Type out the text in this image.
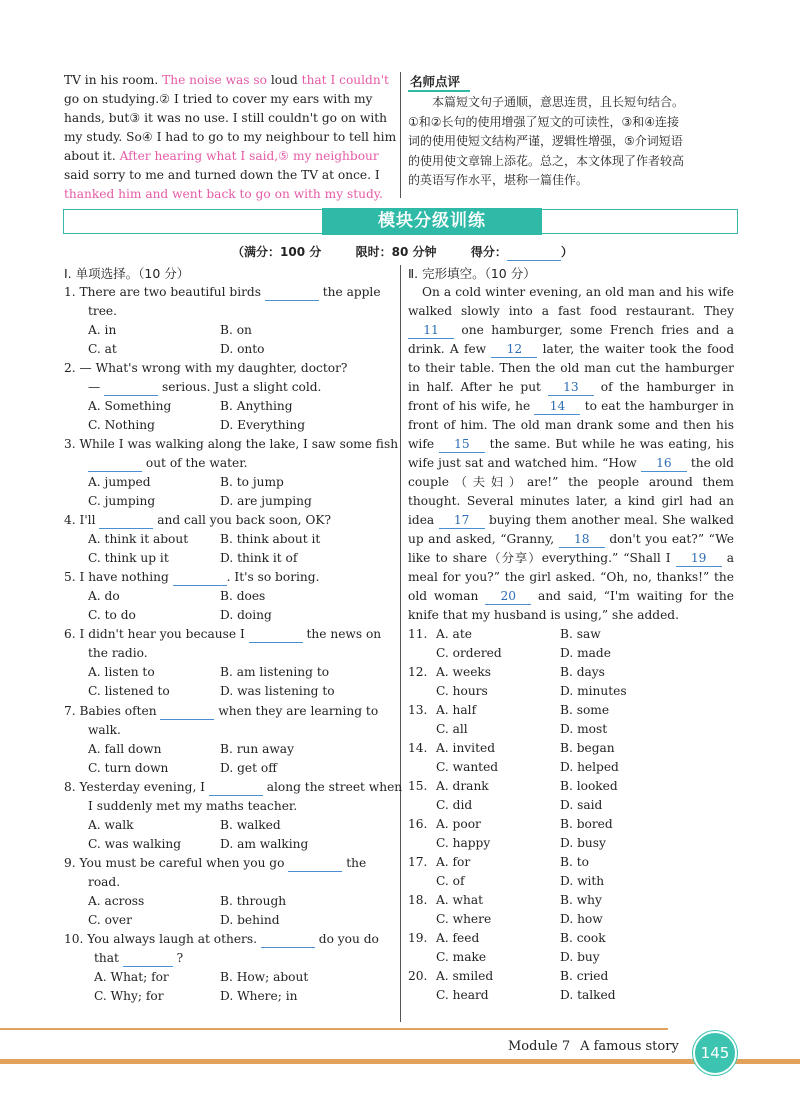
TV in his room. The noise was so loud that I couldn't
go on studying.② I tried to cover my ears with my
hands, but③ it was no use. I still couldn't go on with
my study. So④ I had to go to my neighbour to tell him
about it. After hearing what I said,⑤ my neighbour
said sorry to me and turned down the TV at once. I
thanked him and went back to go on with my study.
名师点评
本篇短文句子通顺，意思连贯，且长短句结合。
①和②长句的使用增强了短文的可读性，③和④连接
词的使用使短文结构严谨，逻辑性增强，⑤介词短语
的使用使文章锦上添花。总之，本文体现了作者较高
的英语写作水平，堪称一篇佳作。
模块分级训练
（满分：100 分	限时：80 分钟	得分：	）
Ⅰ. 单项选择。（10 分）
1. There are two beautiful birds	the apple
tree.
A. in	B. on
C. at	D. onto
2. — What's wrong with my daughter, doctor?
—	serious. Just a slight cold.
A. Something	B. Anything
C. Nothing	D. Everything
3. While I was walking along the lake, I saw some fish
out of the water.
A. jumped	B. to jump
C. jumping	D. are jumping
4. I'll	and call you back soon, OK?
A. think it about	B. think about it
C. think up it	D. think it of
5. I have nothing	. It's so boring.
A. do	B. does
C. to do	D. doing
6. I didn't hear you because I	the news on
the radio.
A. listen to	B. am listening to
C. listened to	D. was listening to
7. Babies often	when they are learning to
walk.
A. fall down	B. run away
C. turn down	D. get off
8. Yesterday evening, I	along the street when
I suddenly met my maths teacher.
A. walk	B. walked
C. was walking	D. am walking
9. You must be careful when you go	the
road.
A. across	B. through
C. over	D. behind
10. You always laugh at others.	do you do
that	?
A. What; for	B. How; about
C. Why; for	D. Where; in
Ⅱ. 完形填空。（10 分）
On a cold winter evening, an old man and his wife walked slowly into a fast food restaurant. They 11 one hamburger, some French fries and a drink. A few 12 later, the waiter took the food to their table. Then the old man cut the hamburger in half. After he put 13 of the hamburger in front of his wife, he 14 to eat the hamburger in front of him. The old man drank some and then his wife 15 the same. But while he was eating, his wife just sat and watched him. “How 16 the old couple（夫妇）are!” the people around them thought. Several minutes later, a kind girl had an idea 17 buying them another meal. She walked up and asked, “Granny, 18 don't you eat?” “We like to share（分享）everything.” “Shall I 19 a meal for you?” the girl asked. “Oh, no, thanks!” the old woman 20 and said, “I'm waiting for the knife that my husband is using,” she added.
11. A. ate	B. saw
C. ordered	D. made
12. A. weeks	B. days
C. hours	D. minutes
13. A. half	B. some
C. all	D. most
14. A. invited	B. began
C. wanted	D. helped
15. A. drank	B. looked
C. did	D. said
16. A. poor	B. bored
C. happy	D. busy
17. A. for	B. to
C. of	D. with
18. A. what	B. why
C. where	D. how
19. A. feed	B. cook
C. make	D. buy
20. A. smiled	B. cried
C. heard	D. talked
Module 7 A famous story	145
